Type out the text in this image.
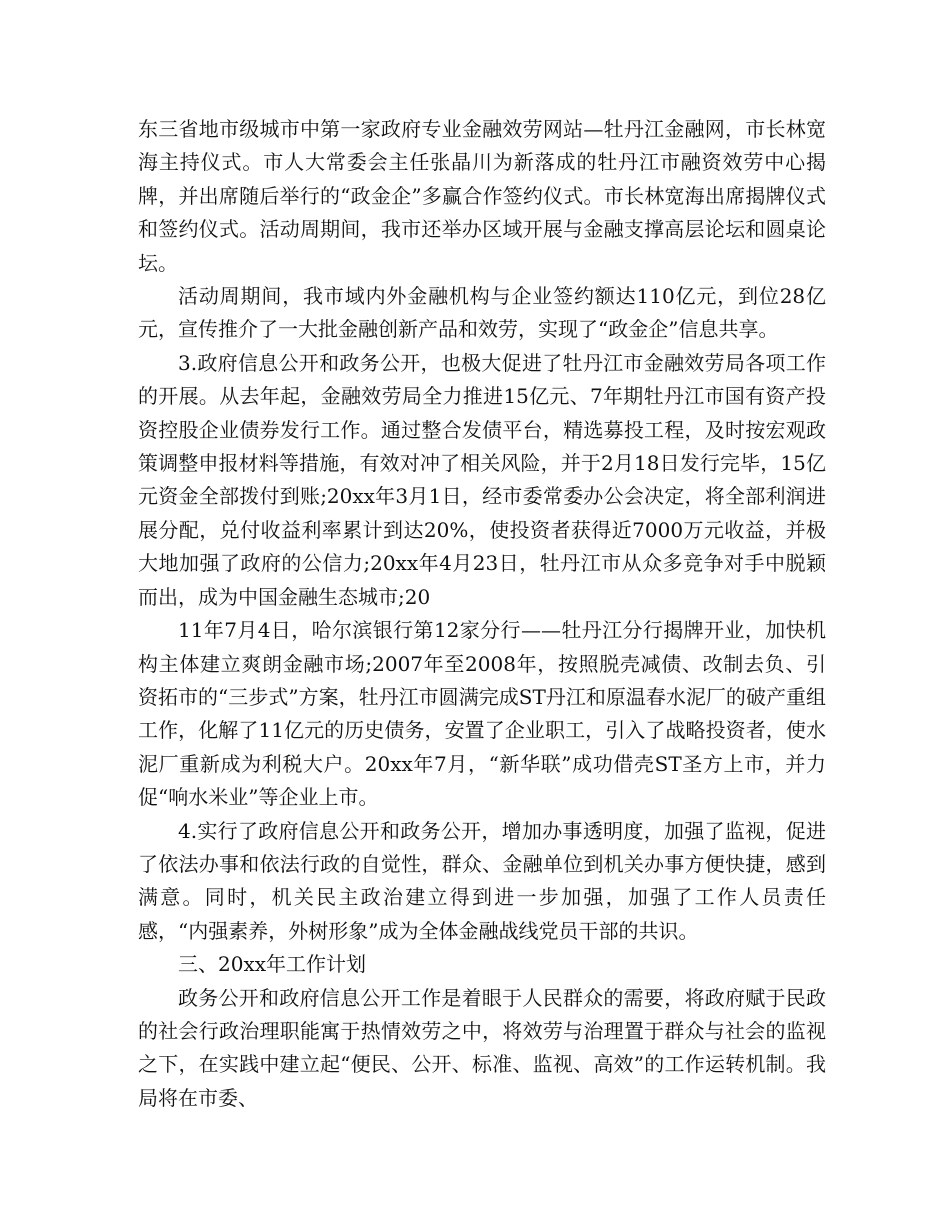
东三省地市级城市中第一家政府专业金融效劳网站—牡丹江金融网，市长林宽海主持仪式。市人大常委会主任张晶川为新落成的牡丹江市融资效劳中心揭牌，并出席随后举行的“政金企”多赢合作签约仪式。市长林宽海出席揭牌仪式和签约仪式。活动周期间，我市还举办区域开展与金融支撑高层论坛和圆桌论坛。

活动周期间，我市域内外金融机构与企业签约额达110亿元，到位28亿元，宣传推介了一大批金融创新产品和效劳，实现了“政金企”信息共享。

3.政府信息公开和政务公开，也极大促进了牡丹江市金融效劳局各项工作的开展。从去年起，金融效劳局全力推进15亿元、7年期牡丹江市国有资产投资控股企业债券发行工作。通过整合发债平台，精选募投工程，及时按宏观政策调整申报材料等措施，有效对冲了相关风险，并于2月18日发行完毕，15亿元资金全部拨付到账;20xx年3月1日，经市委常委办公会决定，将全部利润进展分配，兑付收益利率累计到达20%，使投资者获得近7000万元收益，并极大地加强了政府的公信力;20xx年4月23日，牡丹江市从众多竞争对手中脱颖而出，成为中国金融生态城市;20

11年7月4日，哈尔滨银行第12家分行——牡丹江分行揭牌开业，加快机构主体建立爽朗金融市场;2007年至2008年，按照脱壳减债、改制去负、引资拓市的“三步式”方案，牡丹江市圆满完成ST丹江和原温春水泥厂的破产重组工作，化解了11亿元的历史债务，安置了企业职工，引入了战略投资者，使水泥厂重新成为利税大户。20xx年7月，“新华联”成功借壳ST圣方上市，并力促“响水米业”等企业上市。

4.实行了政府信息公开和政务公开，增加办事透明度，加强了监视，促进了依法办事和依法行政的自觉性，群众、金融单位到机关办事方便快捷，感到满意。同时，机关民主政治建立得到进一步加强，加强了工作人员责任感，“内强素养，外树形象”成为全体金融战线党员干部的共识。

三、20xx年工作计划

政务公开和政府信息公开工作是着眼于人民群众的需要，将政府赋于民政的社会行政治理职能寓于热情效劳之中，将效劳与治理置于群众与社会的监视之下，在实践中建立起“便民、公开、标准、监视、高效”的工作运转机制。我局将在市委、
